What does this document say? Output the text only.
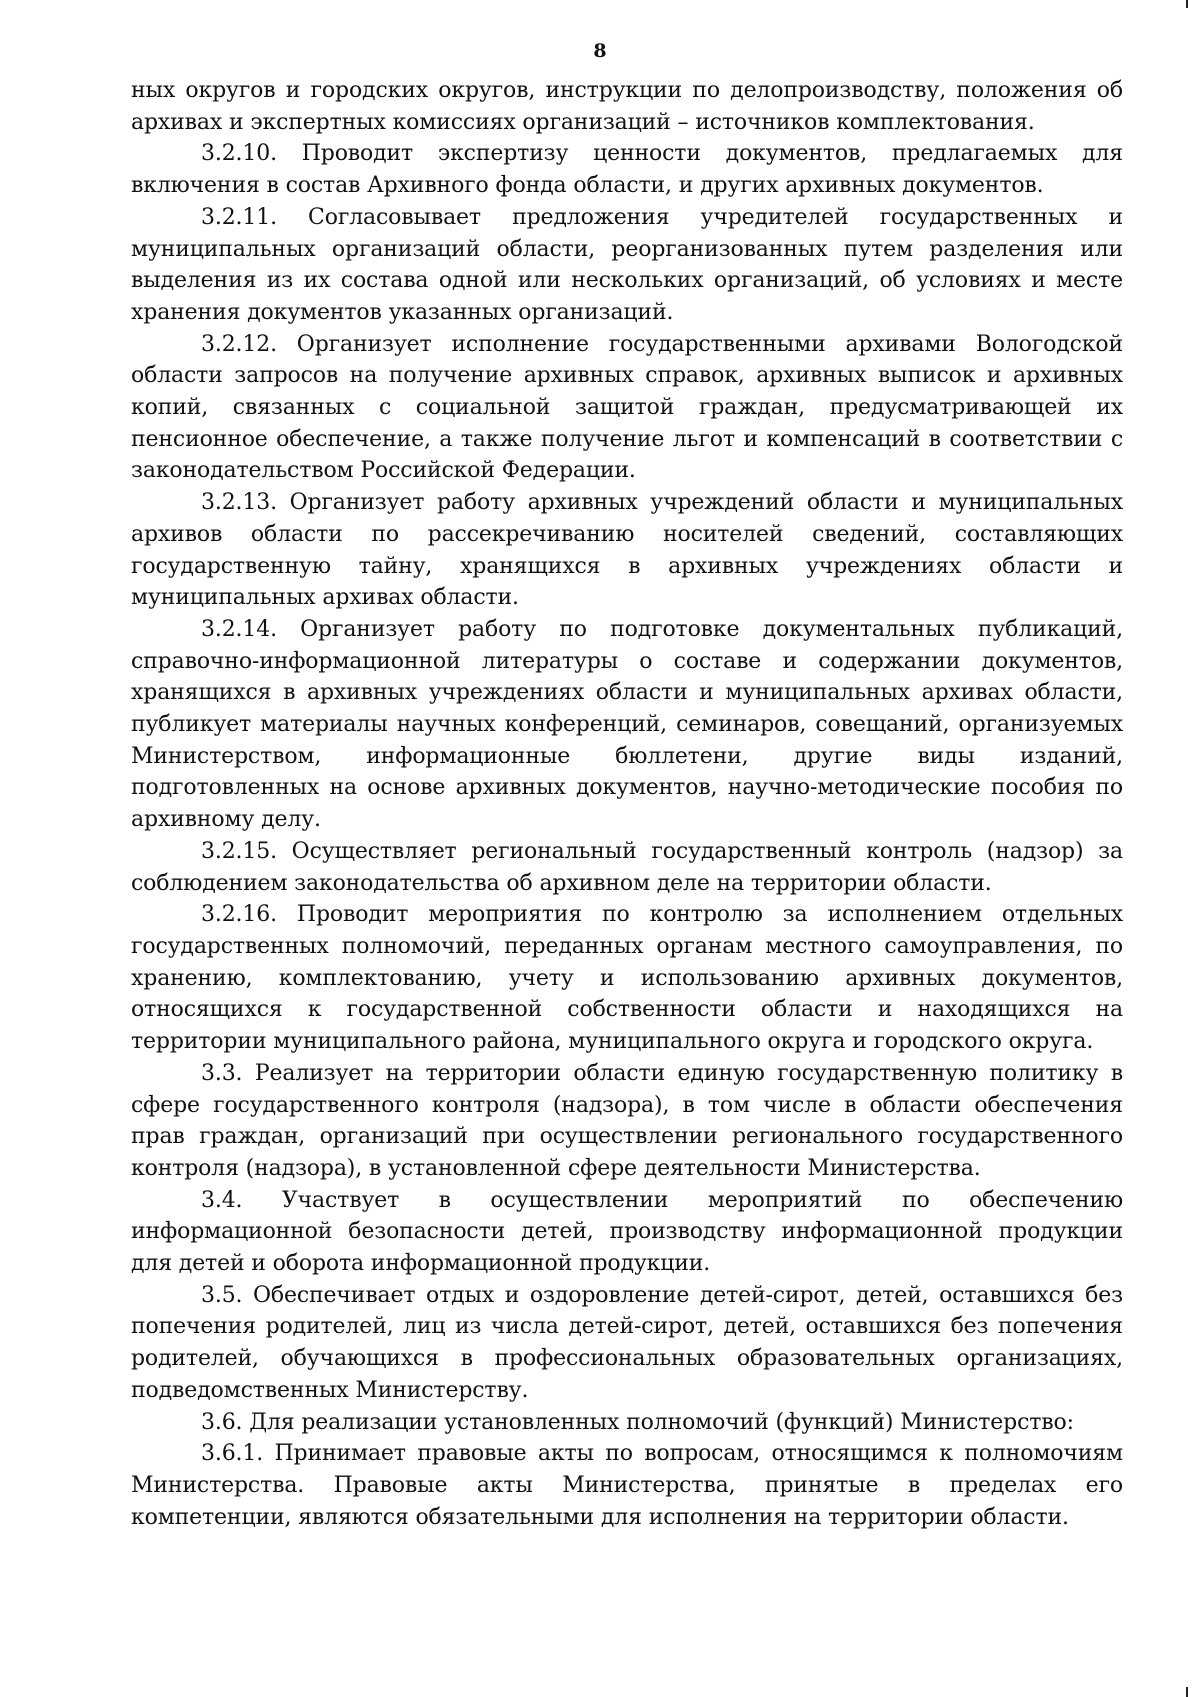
8

ных округов и городских округов, инструкции по делопроизводству, положения об архивах и экспертных комиссиях организаций – источников комплектования.

3.2.10. Проводит экспертизу ценности документов, предлагаемых для включения в состав Архивного фонда области, и других архивных документов.

3.2.11. Согласовывает предложения учредителей государственных и муниципальных организаций области, реорганизованных путем разделения или выделения из их состава одной или нескольких организаций, об условиях и месте хранения документов указанных организаций.

3.2.12. Организует исполнение государственными архивами Вологодской области запросов на получение архивных справок, архивных выписок и архивных копий, связанных с социальной защитой граждан, предусматривающей их пенсионное обеспечение, а также получение льгот и компенсаций в соответствии с законодательством Российской Федерации.

3.2.13. Организует работу архивных учреждений области и муниципальных архивов области по рассекречиванию носителей сведений, составляющих государственную тайну, хранящихся в архивных учреждениях области и муниципальных архивах области.

3.2.14. Организует работу по подготовке документальных публикаций, справочно-информационной литературы о составе и содержании документов, хранящихся в архивных учреждениях области и муниципальных архивах области, публикует материалы научных конференций, семинаров, совещаний, организуемых Министерством, информационные бюллетени, другие виды изданий, подготовленных на основе архивных документов, научно-методические пособия по архивному делу.

3.2.15. Осуществляет региональный государственный контроль (надзор) за соблюдением законодательства об архивном деле на территории области.

3.2.16. Проводит мероприятия по контролю за исполнением отдельных государственных полномочий, переданных органам местного самоуправления, по хранению, комплектованию, учету и использованию архивных документов, относящихся к государственной собственности области и находящихся на территории муниципального района, муниципального округа и городского округа.

3.3. Реализует на территории области единую государственную политику в сфере государственного контроля (надзора), в том числе в области обеспечения прав граждан, организаций при осуществлении регионального государственного контроля (надзора), в установленной сфере деятельности Министерства.

3.4. Участвует в осуществлении мероприятий по обеспечению информационной безопасности детей, производству информационной продукции для детей и оборота информационной продукции.

3.5. Обеспечивает отдых и оздоровление детей-сирот, детей, оставшихся без попечения родителей, лиц из числа детей-сирот, детей, оставшихся без попечения родителей, обучающихся в профессиональных образовательных организациях, подведомственных Министерству.

3.6. Для реализации установленных полномочий (функций) Министерство:

3.6.1. Принимает правовые акты по вопросам, относящимся к полномочиям Министерства. Правовые акты Министерства, принятые в пределах его компетенции, являются обязательными для исполнения на территории области.
